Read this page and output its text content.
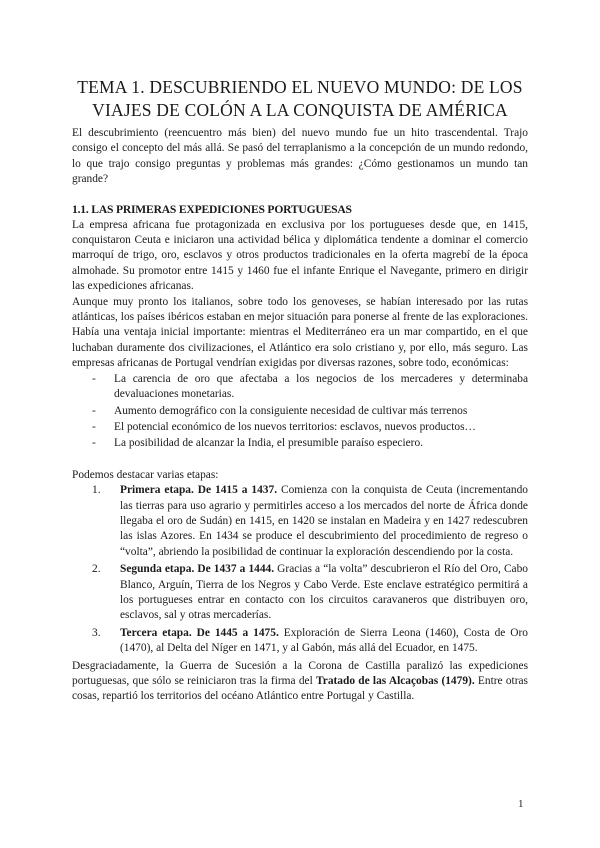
TEMA 1. DESCUBRIENDO EL NUEVO MUNDO: DE LOS VIAJES DE COLÓN A LA CONQUISTA DE AMÉRICA

El descubrimiento (reencuentro más bien) del nuevo mundo fue un hito trascendental. Trajo consigo el concepto del más allá. Se pasó del terraplanismo a la concepción de un mundo redondo, lo que trajo consigo preguntas y problemas más grandes: ¿Cómo gestionamos un mundo tan grande?

1.1. LAS PRIMERAS EXPEDICIONES PORTUGUESAS

La empresa africana fue protagonizada en exclusiva por los portugueses desde que, en 1415, conquistaron Ceuta e iniciaron una actividad bélica y diplomática tendente a dominar el comercio marroquí de trigo, oro, esclavos y otros productos tradicionales en la oferta magrebí de la época almohade. Su promotor entre 1415 y 1460 fue el infante Enrique el Navegante, primero en dirigir las expediciones africanas.

Aunque muy pronto los italianos, sobre todo los genoveses, se habían interesado por las rutas atlánticas, los países ibéricos estaban en mejor situación para ponerse al frente de las exploraciones. Había una ventaja inicial importante: mientras el Mediterráneo era un mar compartido, en el que luchaban duramente dos civilizaciones, el Atlántico era solo cristiano y, por ello, más seguro. Las empresas africanas de Portugal vendrían exigidas por diversas razones, sobre todo, económicas:

- La carencia de oro que afectaba a los negocios de los mercaderes y determinaba devaluaciones monetarias.
- Aumento demográfico con la consiguiente necesidad de cultivar más terrenos
- El potencial económico de los nuevos territorios: esclavos, nuevos productos…
- La posibilidad de alcanzar la India, el presumible paraíso especiero.

Podemos destacar varias etapas:

1. Primera etapa. De 1415 a 1437. Comienza con la conquista de Ceuta (incrementando las tierras para uso agrario y permitirles acceso a los mercados del norte de África donde llegaba el oro de Sudán) en 1415, en 1420 se instalan en Madeira y en 1427 redescubren las islas Azores. En 1434 se produce el descubrimiento del procedimiento de regreso o “volta”, abriendo la posibilidad de continuar la exploración descendiendo por la costa.
2. Segunda etapa. De 1437 a 1444. Gracias a “la volta” descubrieron el Río del Oro, Cabo Blanco, Arguín, Tierra de los Negros y Cabo Verde. Este enclave estratégico permitirá a los portugueses entrar en contacto con los circuitos caravaneros que distribuyen oro, esclavos, sal y otras mercaderías.
3. Tercera etapa. De 1445 a 1475. Exploración de Sierra Leona (1460), Costa de Oro (1470), al Delta del Níger en 1471, y al Gabón, más allá del Ecuador, en 1475.

Desgraciadamente, la Guerra de Sucesión a la Corona de Castilla paralizó las expediciones portuguesas, que sólo se reiniciaron tras la firma del Tratado de las Alcaçobas (1479). Entre otras cosas, repartió los territorios del océano Atlántico entre Portugal y Castilla.

1
